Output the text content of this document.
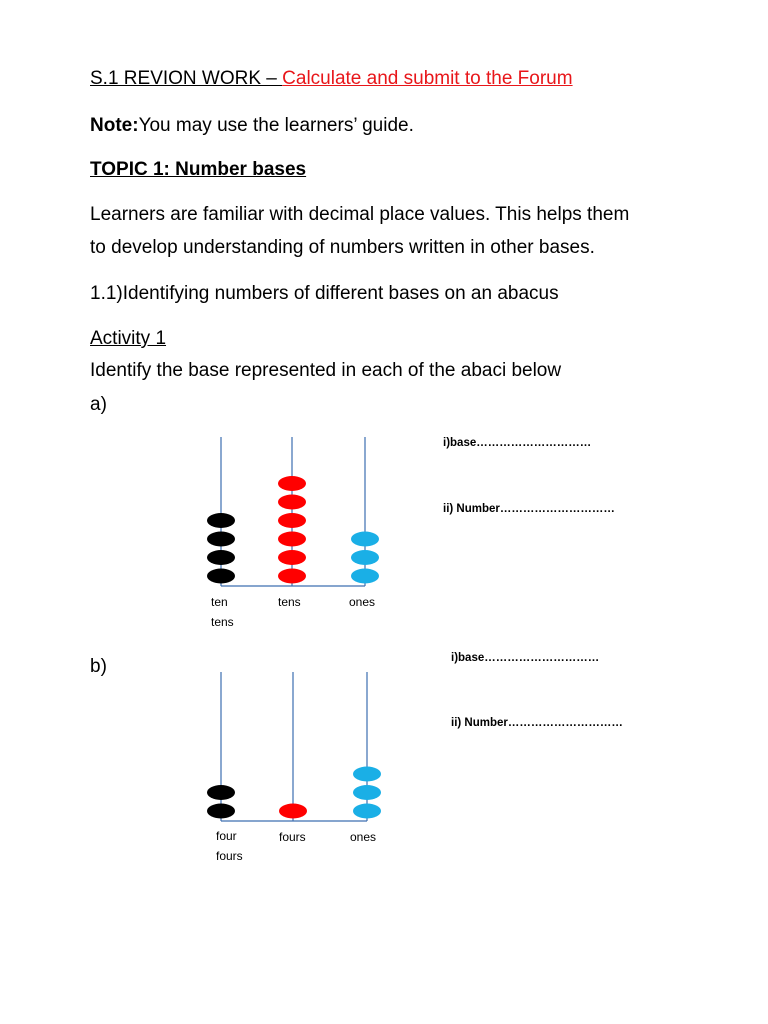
S.1 REVION WORK – Calculate and submit to the Forum
Note:You may use the learners’ guide.
TOPIC 1: Number bases
Learners are familiar with decimal place values. This helps them
to develop understanding of numbers written in other bases.
1.1)Identifying numbers of different bases on an abacus
Activity 1
Identify the base represented in each of the abaci below
a)
i)base…………………………
ii) Number…………………………
ten
tens
tens	ones
b)	i)base…………………………
ii) Number…………………………
four
fours
fours	ones
